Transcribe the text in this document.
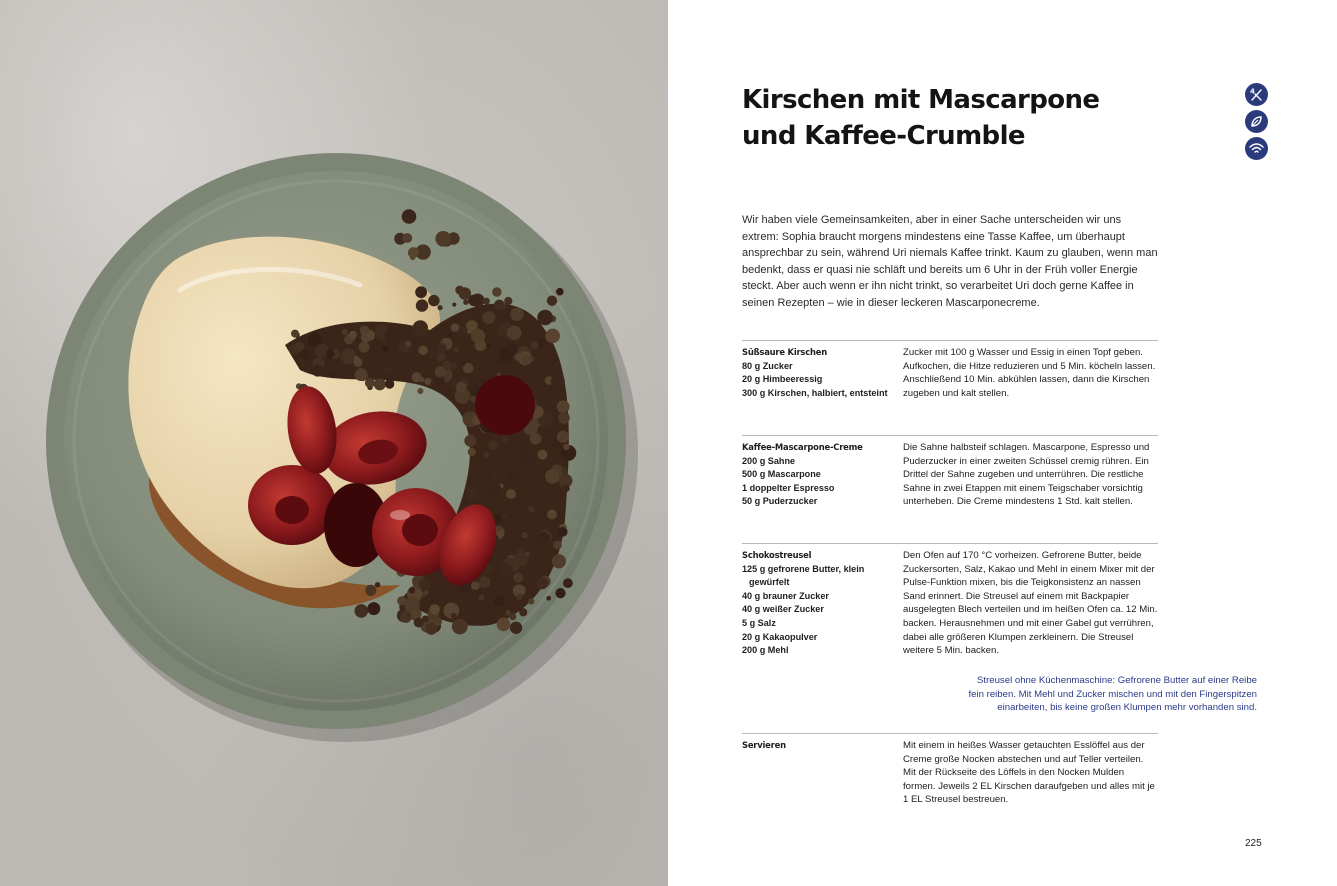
Kirschen mit Mascarpone
und Kaffee-Crumble
4

Wir haben viele Gemeinsamkeiten, aber in einer Sache unterscheiden wir uns
extrem: Sophia braucht morgens mindestens eine Tasse Kaffee, um überhaupt
ansprechbar zu sein, während Uri niemals Kaffee trinkt. Kaum zu glauben, wenn man
bedenkt, dass er quasi nie schläft und bereits um 6 Uhr in der Früh voller Energie
steckt. Aber auch wenn er ihn nicht trinkt, so verarbeitet Uri doch gerne Kaffee in
seinen Rezepten – wie in dieser leckeren Mascarponecreme.

Süßsaure Kirschen
80 g Zucker
20 g Himbeeressig
300 g Kirschen, halbiert, entsteint
Zucker mit 100 g Wasser und Essig in einen Topf geben.
Aufkochen, die Hitze reduzieren und 5 Min. köcheln lassen.
Anschließend 10 Min. abkühlen lassen, dann die Kirschen
zugeben und kalt stellen.
Kaffee-Mascarpone-Creme
200 g Sahne
500 g Mascarpone
1 doppelter Espresso
50 g Puderzucker
Die Sahne halbsteif schlagen. Mascarpone, Espresso und
Puderzucker in einer zweiten Schüssel cremig rühren. Ein
Drittel der Sahne zugeben und unterrühren. Die restliche
Sahne in zwei Etappen mit einem Teigschaber vorsichtig
unterheben. Die Creme mindestens 1 Std. kalt stellen.
Schokostreusel
125 g gefrorene Butter, klein
gewürfelt
40 g brauner Zucker
40 g weißer Zucker
5 g Salz
20 g Kakaopulver
200 g Mehl
Den Ofen auf 170 °C vorheizen. Gefrorene Butter, beide
Zuckersorten, Salz, Kakao und Mehl in einem Mixer mit der
Pulse-Funktion mixen, bis die Teigkonsistenz an nassen
Sand erinnert. Die Streusel auf einem mit Backpapier
ausgelegten Blech verteilen und im heißen Ofen ca. 12 Min.
backen. Herausnehmen und mit einer Gabel gut verrühren,
dabei alle größeren Klumpen zerkleinern. Die Streusel
weitere 5 Min. backen.
Streusel ohne Küchenmaschine: Gefrorene Butter auf einer Reibe
fein reiben. Mit Mehl und Zucker mischen und mit den Fingerspitzen
einarbeiten, bis keine großen Klumpen mehr vorhanden sind.
Servieren	Mit einem in heißes Wasser getauchten Esslöffel aus der
Creme große Nocken abstechen und auf Teller verteilen.
Mit der Rückseite des Löffels in den Nocken Mulden
formen. Jeweils 2 EL Kirschen daraufgeben und alles mit je
1 EL Streusel bestreuen.
225
